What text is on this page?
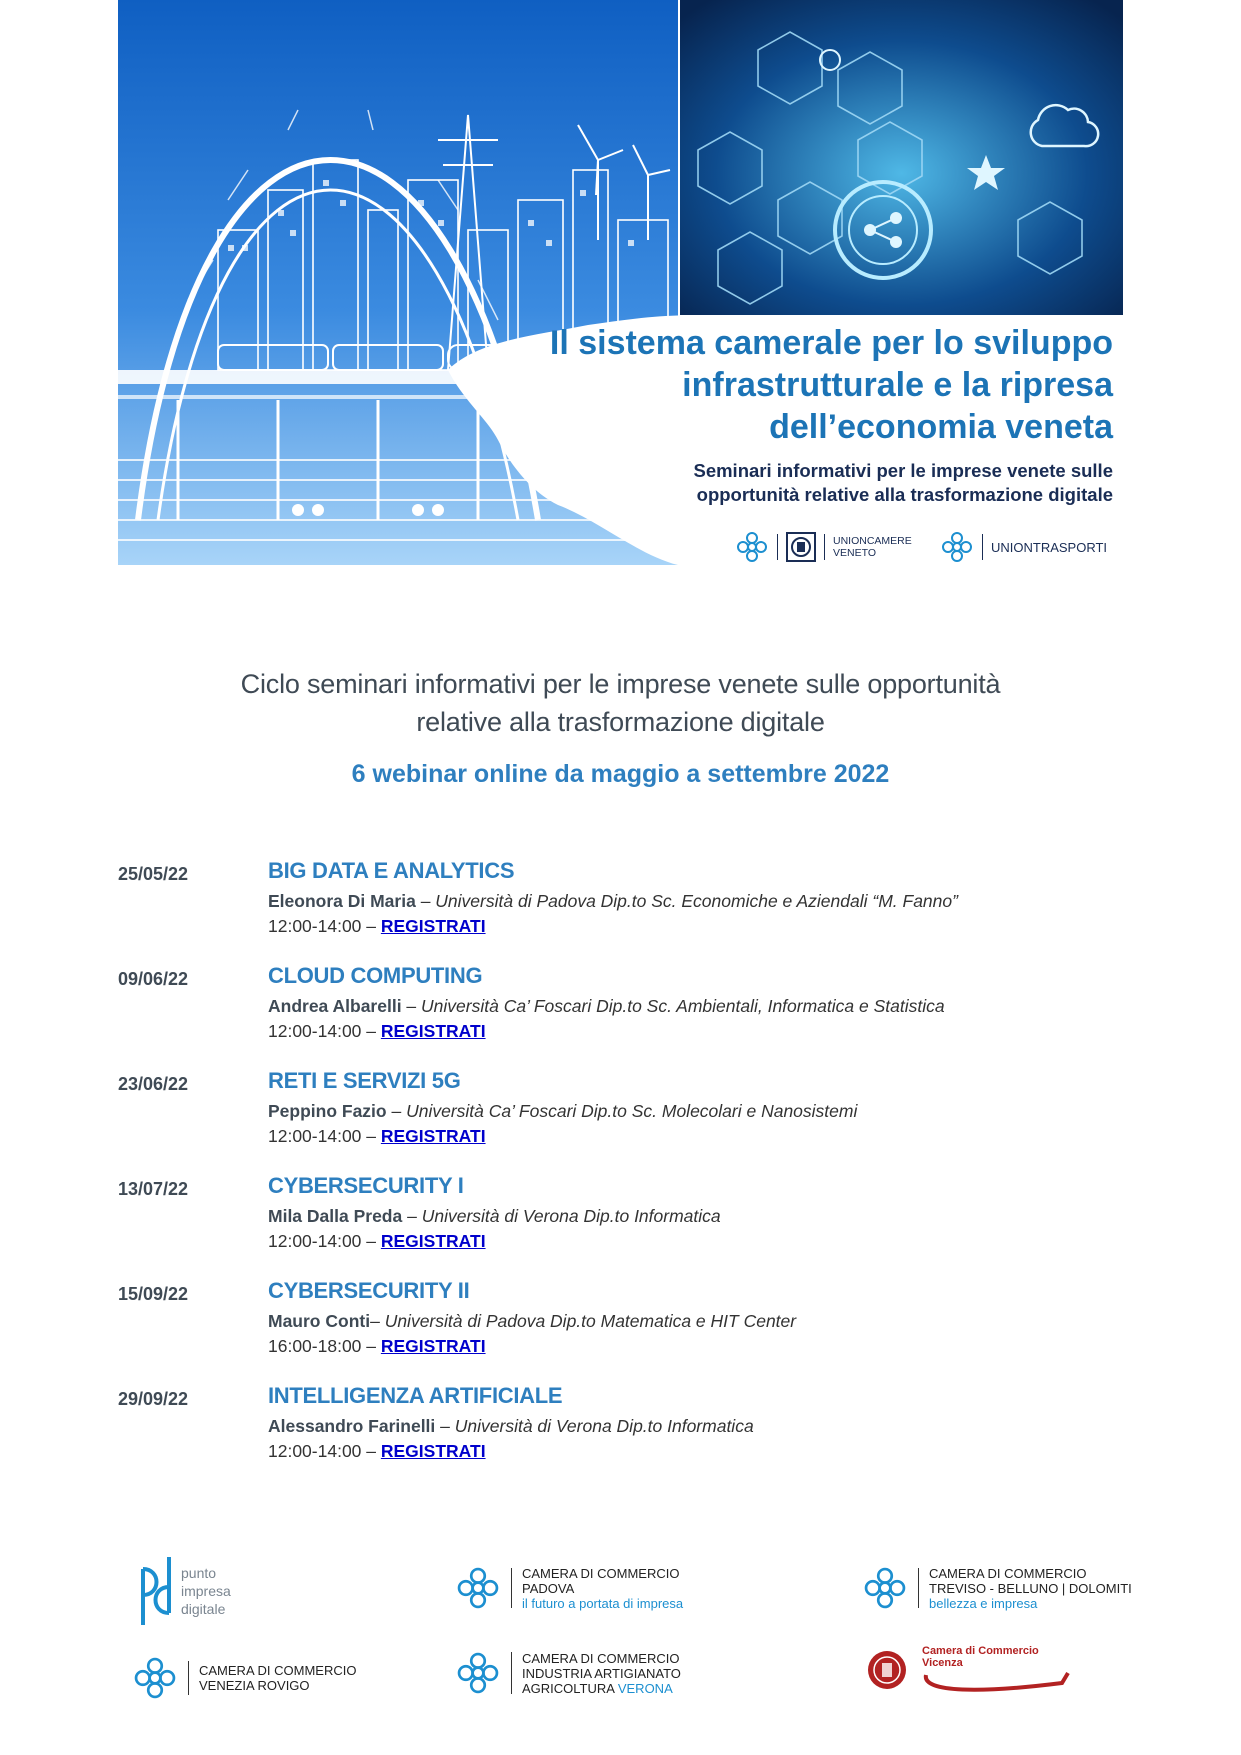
Il sistema camerale per lo sviluppo
infrastrutturale e la ripresa
dell’economia veneta
Seminari informativi per le imprese venete sulle
opportunità relative alla trasformazione digitale
UNIONCAMERE
VENETO	UNIONTRASPORTI
Ciclo seminari informativi per le imprese venete sulle opportunità
relative alla trasformazione digitale
6 webinar online da maggio a settembre 2022
25/05/22	BIG DATA E ANALYTICS
Eleonora Di Maria – Università di Padova Dip.to Sc. Economiche e Aziendali “M. Fanno”
12:00-14:00 – REGISTRATI
09/06/22	CLOUD COMPUTING
Andrea Albarelli – Università Ca’ Foscari Dip.to Sc. Ambientali, Informatica e Statistica
12:00-14:00 – REGISTRATI
23/06/22	RETI E SERVIZI 5G
Peppino Fazio – Università Ca’ Foscari Dip.to Sc. Molecolari e Nanosistemi
12:00-14:00 – REGISTRATI
13/07/22	CYBERSECURITY I
Mila Dalla Preda – Università di Verona Dip.to Informatica
12:00-14:00 – REGISTRATI
15/09/22	CYBERSECURITY II
Mauro Conti– Università di Padova Dip.to Matematica e HIT Center
16:00-18:00 – REGISTRATI
29/09/22	INTELLIGENZA ARTIFICIALE
Alessandro Farinelli – Università di Verona Dip.to Informatica
12:00-14:00 – REGISTRATI
punto
impresa
digitale
CAMERA DI COMMERCIO
PADOVA
il futuro a portata di impresa
CAMERA DI COMMERCIO
TREVISO - BELLUNO | DOLOMITI
bellezza e impresa
CAMERA DI COMMERCIO
VENEZIA ROVIGO
CAMERA DI COMMERCIO
INDUSTRIA ARTIGIANATO
AGRICOLTURA VERONA
Camera di Commercio
Vicenza
